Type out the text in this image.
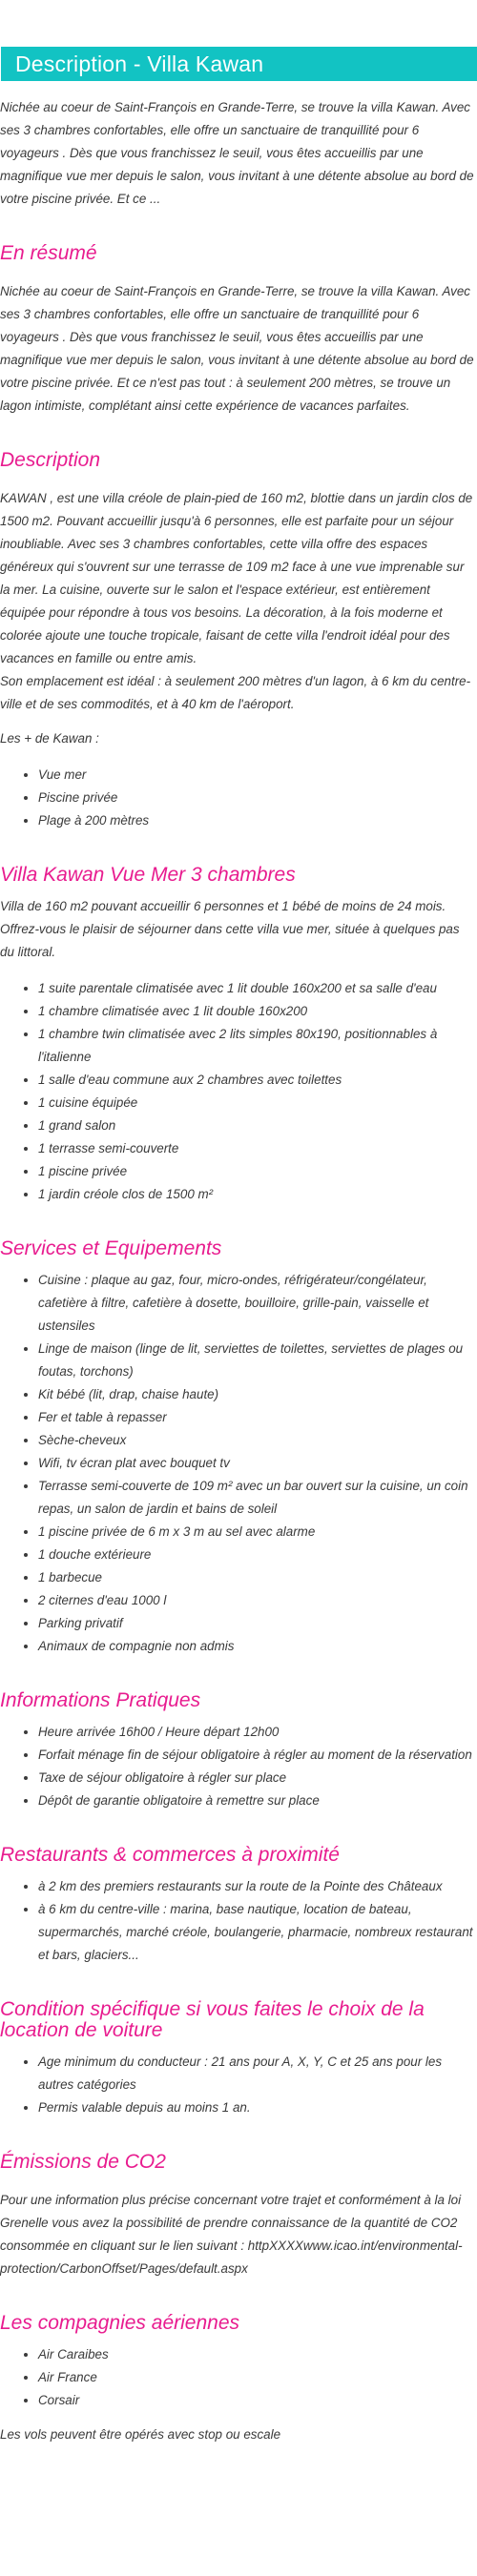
Description - Villa Kawan

Nichée au coeur de Saint-François en Grande-Terre, se trouve la villa Kawan. Avec ses 3 chambres confortables, elle offre un sanctuaire de tranquillité pour 6 voyageurs . Dès que vous franchissez le seuil, vous êtes accueillis par une magnifique vue mer depuis le salon, vous invitant à une détente absolue au bord de votre piscine privée. Et ce ...

En résumé

Nichée au coeur de Saint-François en Grande-Terre, se trouve la villa Kawan. Avec ses 3 chambres confortables, elle offre un sanctuaire de tranquillité pour 6 voyageurs . Dès que vous franchissez le seuil, vous êtes accueillis par une magnifique vue mer depuis le salon, vous invitant à une détente absolue au bord de votre piscine privée. Et ce n'est pas tout : à seulement 200 mètres, se trouve un lagon intimiste, complétant ainsi cette expérience de vacances parfaites.

Description

KAWAN , est une villa créole de plain-pied de 160 m2, blottie dans un jardin clos de 1500 m2. Pouvant accueillir jusqu'à 6 personnes, elle est parfaite pour un séjour inoubliable. Avec ses 3 chambres confortables, cette villa offre des espaces généreux qui s'ouvrent sur une terrasse de 109 m2 face à une vue imprenable sur la mer. La cuisine, ouverte sur le salon et l'espace extérieur, est entièrement équipée pour répondre à tous vos besoins. La décoration, à la fois moderne et colorée ajoute une touche tropicale, faisant de cette villa l'endroit idéal pour des vacances en famille ou entre amis.

Son emplacement est idéal : à seulement 200 mètres d'un lagon, à 6 km du centre-ville et de ses commodités, et à 40 km de l'aéroport.

Les + de Kawan :

• Vue mer
• Piscine privée
• Plage à 200 mètres
Villa Kawan Vue Mer 3 chambres

Villa de 160 m2 pouvant accueillir 6 personnes et 1 bébé de moins de 24 mois. Offrez-vous le plaisir de séjourner dans cette villa vue mer, située à quelques pas du littoral.

• 1 suite parentale climatisée avec 1 lit double 160x200 et sa salle d'eau
• 1 chambre climatisée avec 1 lit double 160x200
• 1 chambre twin climatisée avec 2 lits simples 80x190, positionnables à l'italienne
• 1 salle d'eau commune aux 2 chambres avec toilettes
• 1 cuisine équipée
• 1 grand salon
• 1 terrasse semi-couverte
• 1 piscine privée
• 1 jardin créole clos de 1500 m²
Services et Equipements
• Cuisine : plaque au gaz, four, micro-ondes, réfrigérateur/congélateur, cafetière à filtre, cafetière à dosette, bouilloire, grille-pain, vaisselle et ustensiles
• Linge de maison (linge de lit, serviettes de toilettes, serviettes de plages ou foutas, torchons)
• Kit bébé (lit, drap, chaise haute)
• Fer et table à repasser
• Sèche-cheveux
• Wifi, tv écran plat avec bouquet tv
• Terrasse semi-couverte de 109 m² avec un bar ouvert sur la cuisine, un coin repas, un salon de jardin et bains de soleil
• 1 piscine privée de 6 m x 3 m au sel avec alarme
• 1 douche extérieure
• 1 barbecue
• 2 citernes d'eau 1000 l
• Parking privatif
• Animaux de compagnie non admis
Informations Pratiques
• Heure arrivée 16h00 / Heure départ 12h00
• Forfait ménage fin de séjour obligatoire à régler au moment de la réservation
• Taxe de séjour obligatoire à régler sur place
• Dépôt de garantie obligatoire à remettre sur place
Restaurants & commerces à proximité
• à 2 km des premiers restaurants sur la route de la Pointe des Châteaux
• à 6 km du centre-ville : marina, base nautique, location de bateau, supermarchés, marché créole, boulangerie, pharmacie, nombreux restaurant et bars, glaciers...
Condition spécifique si vous faites le choix de la location de voiture
• Age minimum du conducteur : 21 ans pour A, X, Y, C et 25 ans pour les autres catégories
• Permis valable depuis au moins 1 an.
Émissions de CO2

Pour une information plus précise concernant votre trajet et conformément à la loi Grenelle vous avez la possibilité de prendre connaissance de la quantité de CO2 consommée en cliquant sur le lien suivant : httpXXXXwww.icao.int/environmental-protection/CarbonOffset/Pages/default.aspx

Les compagnies aériennes
• Air Caraibes
• Air France
• Corsair

Les vols peuvent être opérés avec stop ou escale
